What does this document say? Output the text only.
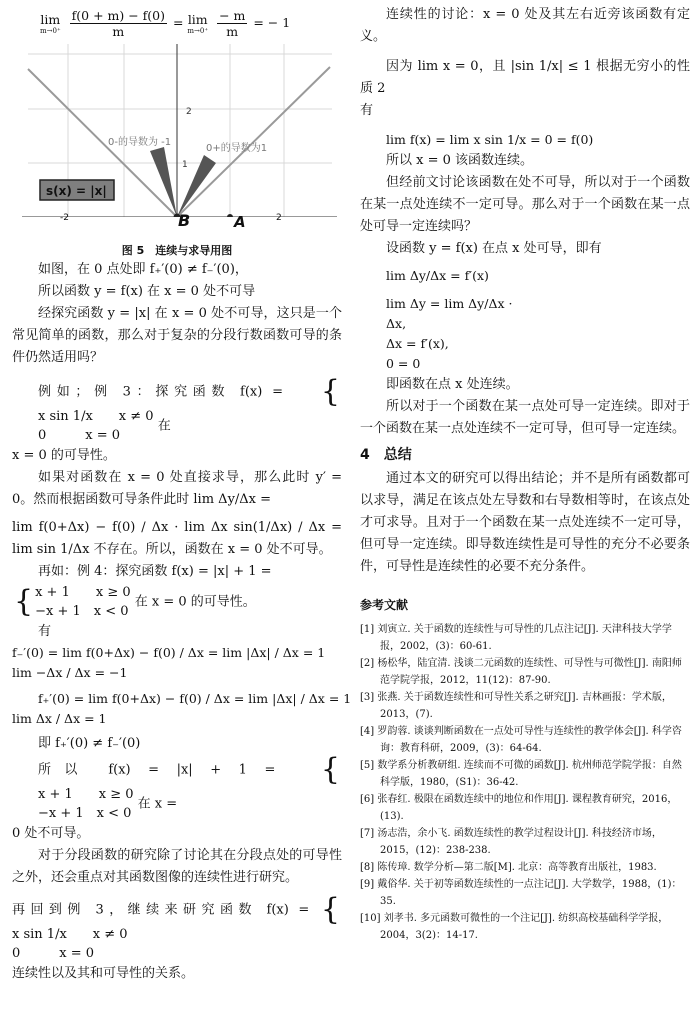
lim
m→0⁺
$\frac{f(0 + m) - f(0)}{m} = \lim$
m→0⁺
$\frac{- m}{m}$ = − 1
s(x) = |x|
0-的导数为 -1
0+的导数为1
2
1
-2	2
B	A

图 5　连续与求导用图

如图，在 0 点处即 f₊′(0) ≠ f₋′(0)，

所以函数 y = f(x) 在 x = 0 处不可导

经探究函数 y = |x| 在 x = 0 处不可导，这只是一个常见简单的函数，那么对于复杂的分段行数函数可导的条件仍然适用吗？

例如；例 3：探究函数 f(x) = {
x sin 1/x　　x ≠ 0
0　　　x = 0
在

x = 0 的可导性。

如果对函数在 x = 0 处直接求导，那么此时 y′ = 0。然而根据函数可导条件此时 lim Δy/Δx =

lim f(0+Δx) − f(0) / Δx · lim Δx sin(1/Δx) / Δx = lim sin 1/Δx 不存在。所以，函数在 x = 0 处不可导。

再如：例 4：探究函数 f(x) = |x| + 1 =
{ x + 1　　x ≥ 0
−x + 1　x < 0
在 x = 0 的可导性。

有

f₋′(0) = lim f(0+Δx) − f(0) / Δx = lim |Δx| / Δx = 1

lim −Δx / Δx = −1

f₊′(0) = lim f(0+Δx) − f(0) / Δx = lim |Δx| / Δx = 1

lim Δx / Δx = 1

即 f₊′(0) ≠ f₋′(0)

所以 f(x) = |x| + 1 = {
x + 1　　x ≥ 0
−x + 1　x < 0
在 x =

0 处不可导。

对于分段函数的研究除了讨论其在分段点处的可导性之外，还会重点对其函数图像的连续性进行研究。

再回到例 3，继续来研究函数 f(x) = {
x sin 1/x　　x ≠ 0
0　　　x = 0

连续性以及其和可导性的关系。

连续性的讨论：x = 0 处及其左右近旁该函数有定义。

因为 lim x = 0，且 |sin 1/x| ≤ 1 根据无穷小的性质 2

有

lim f(x) = lim x sin 1/x = 0 = f(0)

所以 x = 0 该函数连续。

但经前文讨论该函数在处不可导，所以对于一个函数在某一点处连续不一定可导。那么对于一个函数在某一点处可导一定连续吗？

设函数 y = f(x) 在点 x 处可导，即有

lim Δy/Δx = f′(x)

lim Δy = lim Δy/Δx ·

Δx,

Δx = f′(x),

0 = 0

即函数在点 x 处连续。

所以对于一个函数在某一点处可导一定连续。即对于一个函数在某一点处连续不一定可导，但可导一定连续。

4　总结

通过本文的研究可以得出结论；并不是所有函数都可以求导，满足在该点处左导数和右导数相等时，在该点处才可求导。且对于一个函数在某一点处连续不一定可导，但可导一定连续。即导数连续性是可导性的充分不必要条件，可导性是连续性的必要不充分条件。

参考文献

[1] 刘寅立. 关于函数的连续性与可导性的几点注记[J]. 天津科技大学学报，2002，(3)：60-61.

[2] 杨松华，陆宜清. 浅谈二元函数的连续性、可导性与可微性[J]. 南阳师范学院学报，2012，11(12)：87-90.

[3] 张燕. 关于函数连续性和可导性关系之研究[J]. 吉林画报：学术版，2013，(7).

[4] 罗韵蓉. 谈谈判断函数在一点处可导性与连续性的教学体会[J]. 科学咨询：教育科研，2009，(3)：64-64.

[5] 数学系分析教研组. 连续而不可微的函数[J]. 杭州师范学院学报：自然科学版，1980，(S1)：36-42.

[6] 张春红. 极限在函数连续中的地位和作用[J]. 课程教育研究，2016，(13).

[7] 汤志浩，余小飞. 函数连续性的教学过程设计[J]. 科技经济市场，2015，(12)：238-238.

[8] 陈传璋. 数学分析—第二版[M]. 北京：高等教育出版社，1983.

[9] 戴俗华. 关于初等函数连续性的一点注记[J]. 大学数学，1988，(1)：35.

[10] 刘孝书. 多元函数可微性的一个注记[J]. 纺织高校基础科学学报，2004，3(2)：14-17.
